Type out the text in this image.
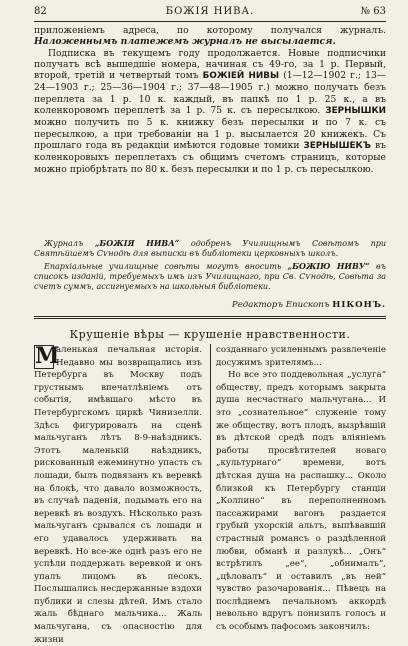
82	БОЖІЯ НИВА.	№ 63

приложеніемъ адреса, по которому получался журналъ. Наложеннымъ платежемъ журналъ не высылается.

Подписка въ текущемъ году продолжается. Новые подписчики получатъ всѣ вышедшіе номера, начиная съ 49-го, за 1 р. Первый, второй, третій и четвертый томъ БОЖІЕЙ НИВЫ (1—12—1902 г.; 13—24—1903 г.; 25—36—1904 г.; 37—48—1905 г.) можно получать безъ переплета за 1 р. 10 к. каждый, въ папкѣ по 1 р. 25 к., а въ коленкоровомъ переплетѣ за 1 р. 75 к. съ пересылкою. ЗЕРНЫШКИ можно получить по 5 к. книжку безъ пересылки и по 7 к. съ пересылкою, а при требованіи на 1 р. высылается 20 книжекъ. Съ прошлаго года въ редакціи имѣются годовые томики ЗЕРНЫШЕКЪ въ коленкоровыхъ переплетахъ съ общимъ счетомъ страницъ, которые можно пріобрѣтать по 80 к. безъ пересылки и по 1 р. съ пересылкою.

Журналъ „БОЖІЯ НИВА“ одобренъ Училищнымъ Совѣтомъ при Святѣйшемъ Сѵнодѣ для выписки въ библіотеки церковныхъ школъ.

Епархіальные училищные совѣты могутъ вносить „БОЖІЮ НИВУ“ въ списокъ изданій, требуемыхъ имъ изъ Училищнаго, при Св. Сѵнодѣ, Совѣта за счетъ суммъ, ассигнуемыхъ на школьныя библіотеки.

Редакторъ Епископъ НІКОНЪ.
Крушеніе вѣры — крушеніе нравственности.

М
аленькая печальная исторія. Недавно мы возвращались изъ Петербурга въ Москву подъ грустнымъ впечатлѣніемъ отъ событія, имѣвшаго мѣсто въ Петербургскомъ циркѣ Чинизелли. Здѣсь фигурировалъ на сценѣ мальчуганъ лѣтъ 8-9-наѣздникъ. Этотъ маленькій наѣздникъ, рискованный ежеминутно упасть съ лошади, былъ подвязанъ къ веревкѣ на блокѣ, что давало возможность, въ случаѣ паденія, подымать его на веревкѣ въ воздухъ. Нѣсколько разъ мальчуганъ срывался съ лошади и его удавалось удерживать на веревкѣ. Но все-же однѣ разъ его не успѣли поддержать веревкой и онъ упалъ лицомъ въ песокъ. Послышались несдержанные вздохи публики и слезы дѣтей. Имъ стало жаль бѣднаго мальчика... Жаль мальчугана, съ опасностію для жизни

созданнаго усиленнымъ развлеченіе досужимъ зрителямъ...

Но все это поддевольная „услуга“ обществу, предъ которымъ закрыта душа несчастнаго мальчугана... И это „сознательное“ служеніе тому же обществу, вотъ плодъ, вызрѣвшій въ дѣтской средѣ подъ вліяніемъ работы просвѣтителей новаго „культурнаго“ времени, вотъ дѣтская душа на распашку... Около близкой къ Петербургу станціи „Колпино“ въ переполненномъ пассажирами вагонъ раздается грубый ухорскій альтъ, выпѣвавшій страстный романсъ о раздѣленной любви, обманѣ и разлукѣ... „Онъ“ встрѣтилъ „ее“, „обнималъ“, „цѣловалъ“ и оставилъ „въ ней“ чувство разочарованія... Пѣвецъ на послѣднемъ печальномъ аккордѣ невольно вдругъ понизилъ голосъ и съ особымъ пафосомъ закончилъ:
